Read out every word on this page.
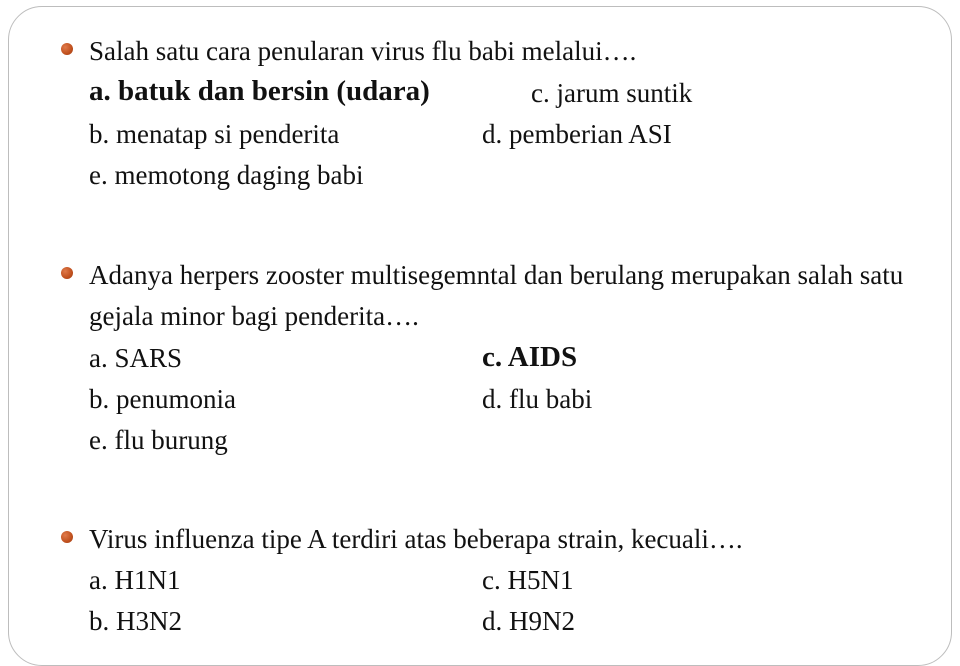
Salah satu cara penularan virus flu babi melalui….

a. batuk dan bersin (udara)	c. jarum suntik

b. menatap si penderita	d. pemberian ASI

e. memotong daging babi

Adanya herpers zooster multisegemntal dan berulang merupakan salah satu gejala minor bagi penderita….

a. SARS	c. AIDS

b. penumonia	d. flu babi

e. flu burung

Virus influenza tipe A terdiri atas beberapa strain, kecuali….

a. H1N1	c. H5N1

b. H3N2	d. H9N2
